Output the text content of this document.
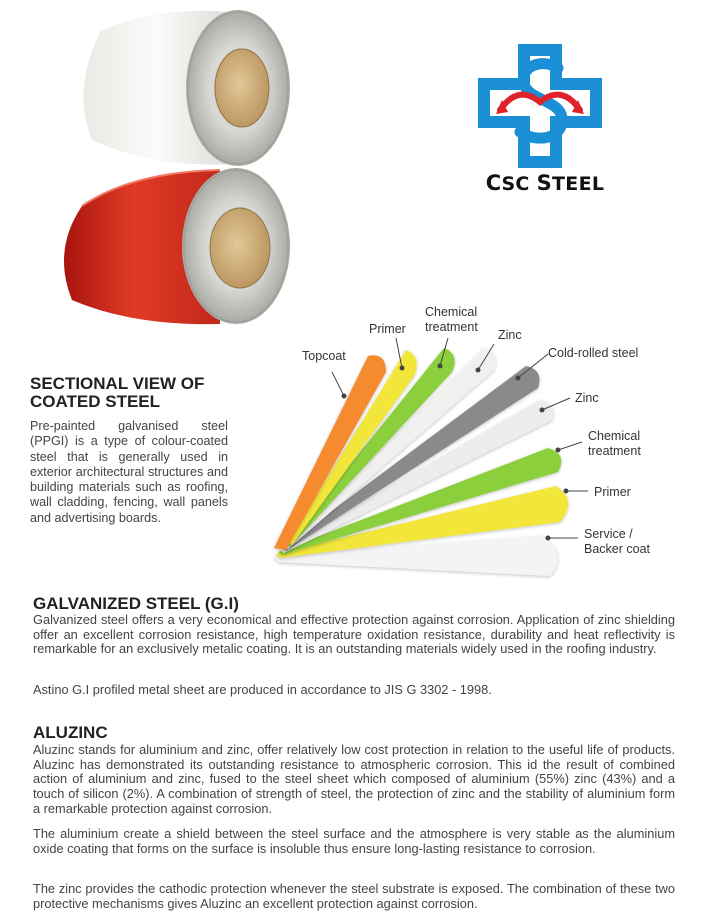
CSC STEEL
SECTIONAL VIEW OF
COATED STEEL

Pre-painted galvanised steel (PPGI) is a type of colour-coated steel that is generally used in exterior architectural structures and building materials such as roofing, wall cladding, fencing, wall panels and advertising boards.

Topcoat
Primer
Chemical
treatment
Zinc
Cold-rolled steel
Zinc
Chemical
treatment
Primer
Service /
Backer coat
GALVANIZED STEEL (G.I)

Galvanized steel offers a very economical and effective protection against corrosion. Application of zinc shielding offer an excellent corrosion resistance, high temperature oxidation resistance, durability and heat reflectivity is remarkable for an exclusively metalic coating. It is an outstanding materials widely used in the roofing industry.

Astino G.I profiled metal sheet are produced in accordance to JIS G 3302 - 1998.

ALUZINC

Aluzinc stands for aluminium and zinc, offer relatively low cost protection in relation to the useful life of products. Aluzinc has demonstrated its outstanding resistance to atmospheric corrosion. This id the result of combined action of aluminium and zinc, fused to the steel sheet which composed of aluminium (55%) zinc (43%) and a touch of silicon (2%). A combination of strength of steel, the protection of zinc and the stability of aluminium form a remarkable protection against corrosion.

The aluminium create a shield between the steel surface and the atmosphere is very stable as the aluminium oxide coating that forms on the surface is insoluble thus ensure long-lasting resistance to corrosion.

The zinc provides the cathodic protection whenever the steel substrate is exposed. The combination of these two protective mechanisms gives Aluzinc an excellent protection against corrosion.
